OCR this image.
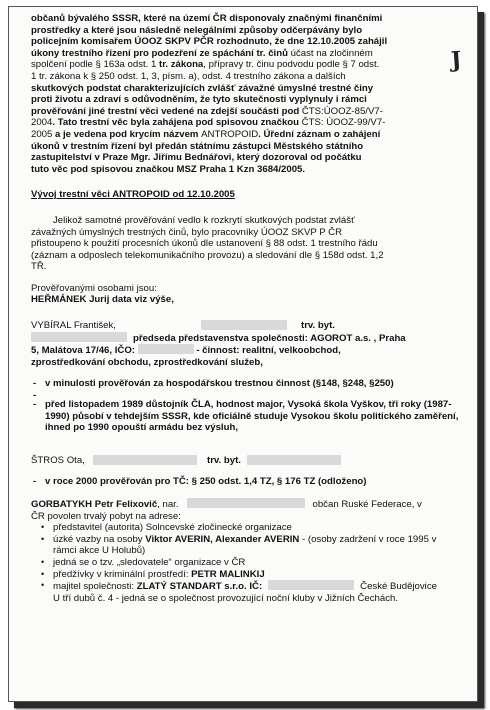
J

občanů bývalého SSSR, které na území ČR disponovaly značnými finančními

prostředky a které jsou následně nelegálními způsoby odčerpávány bylo

policejním komisařem ÚOOZ SKPV PČR rozhodnuto, že dne 12.10.2005 zahájil

úkony trestního řízení pro podezření ze spáchání tr. činů účast na zločinném

spolčení podle § 163a odst. 1 tr. zákona, přípravy tr. činu podvodu podle § 7 odst.

1 tr. zákona k § 250 odst. 1, 3, písm. a), odst. 4 trestního zákona a dalších

skutkových podstat charakterizujících zvlášť závažné úmyslné trestné činy

proti životu a zdraví s odůvodněním, že tyto skutečnosti vyplynuly i rámci

prověřování jiné trestní věci vedené na zdejší součásti pod ČTS:ÚOOZ-85/V7-

2004. Tato trestní věc byla zahájena pod spisovou značkou ČTS: ÚOOZ-99/V7-

2005 a je vedena pod krycím názvem ANTROPOID. Úřední záznam o zahájení

úkonů v trestním řízení byl předán státnímu zástupci Městského státního

zastupitelství v Praze Mgr. Jiřímu Bednářovi, který dozoroval od počátku

tuto věc pod spisovou značkou MSZ Praha 1 Kzn 3684/2005.

Vývoj trestní věci ANTROPOID od 12.10.2005

Jelikož samotné prověřování vedlo k rozkrytí skutkových podstat zvlášť

závažných úmyslných trestných činů, bylo pracovníky ÚOOZ SKVP P ČR

přistoupeno k použití procesních úkonů dle ustanovení § 88 odst. 1 trestního řádu

(záznam a odposlech telekomunikačního provozu) a sledování dle § 158d odst. 1,2

TŘ.

Prověřovanými osobami jsou:

HEŘMÁNEK Jurij data viz výše,

VYBÍRAL František,	trv. byt.

předseda představenstva společnosti: AGOROT a.s. , Praha

5, Malátova 17/46, IČO:	- činnost: realitní, velkoobchod,

zprostředkování obchodu, zprostředkování služeb,

- v minulosti prověřován za hospodářskou trestnou činnost (§148, §248, §250)
-
- před listopadem 1989 důstojník ČLA, hodnost major, Vysoká škola Vyškov, tři roky (1987-1990) působí v tehdejším SSSR, kde oficiálně studuje Vysokou školu politického zaměření, ihned po 1990 opouští armádu bez výsluh,
ŠTROS Ota,	trv. byt.
- v roce 2000 prověřován pro TČ: § 250 odst. 1,4 TZ, § 176 TZ (odloženo)

GORBATYKH Petr Felixovič, nar.	občan Ruské Federace, v

ČR povolen trvalý pobyt na adrese:

• představitel (autorita) Solncevské zločinecké organizace
• úzké vazby na osoby Viktor AVERIN, Alexander AVERIN - (osoby zadržení v roce 1995 v rámci akce U Holubů)
• jedná se o tzv. „sledovatele“ organizace v ČR
• předžívky v kriminální prostředí: PETR MALINKIJ
• majitel společnosti: ZLATÝ STANDART s.r.o. IČ:	České Budějovice
U tří dubů č. 4 - jedná se o společnost provozující noční kluby v Jižních Čechách.
